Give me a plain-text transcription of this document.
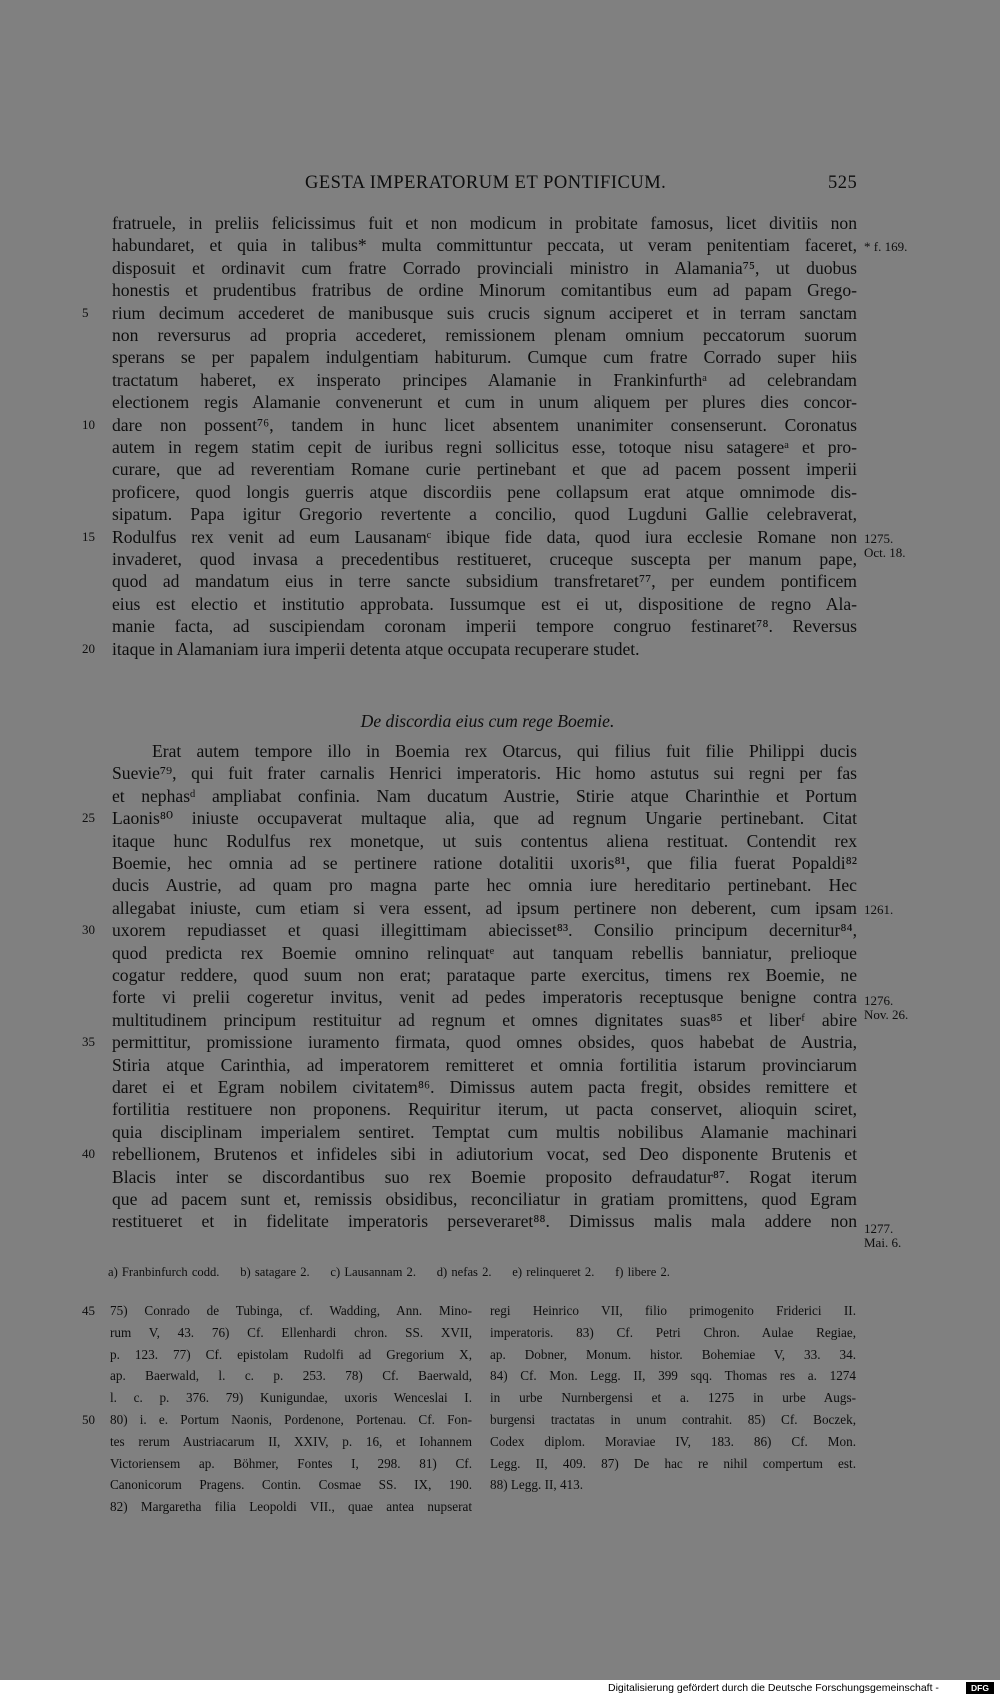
GESTA IMPERATORUM ET PONTIFICUM.	525
fratruele, in preliis felicissimus fuit et non modicum in probitate famosus, licet divitiis non
habundaret, et quia in talibus* multa committuntur peccata, ut veram penitentiam faceret,
disposuit et ordinavit cum fratre Corrado provinciali ministro in Alamania⁷⁵, ut duobus
honestis et prudentibus fratribus de ordine Minorum comitantibus eum ad papam Grego-
rium decimum accederet de manibusque suis crucis signum acciperet et in terram sanctam
non reversurus ad propria accederet, remissionem plenam omnium peccatorum suorum
sperans se per papalem indulgentiam habiturum. Cumque cum fratre Corrado super hiis
tractatum haberet, ex insperato principes Alamanie in Frankinfurthᵃ ad celebrandam
electionem regis Alamanie convenerunt et cum in unum aliquem per plures dies concor-
dare non possent⁷⁶, tandem in hunc licet absentem unanimiter consenserunt. Coronatus
autem in regem statim cepit de iuribus regni sollicitus esse, totoque nisu satagereᵃ et pro-
curare, que ad reverentiam Romane curie pertinebant et que ad pacem possent imperii
proficere, quod longis guerris atque discordiis pene collapsum erat atque omnimode dis-
sipatum. Papa igitur Gregorio revertente a concilio, quod Lugduni Gallie celebraverat,
Rodulfus rex venit ad eum Lausanamᶜ ibique fide data, quod iura ecclesie Romane non
invaderet, quod invasa a precedentibus restitueret, cruceque suscepta per manum pape,
quod ad mandatum eius in terre sancte subsidium transfretaret⁷⁷, per eundem pontificem
eius est electio et institutio approbata. Iussumque est ei ut, dispositione de regno Ala-
manie facta, ad suscipiendam coronam imperii tempore congruo festinaret⁷⁸. Reversus
itaque in Alamaniam iura imperii detenta atque occupata recuperare studet.
De discordia eius cum rege Boemie.
Erat autem tempore illo in Boemia rex Otarcus, qui filius fuit filie Philippi ducis
Suevie⁷⁹, qui fuit frater carnalis Henrici imperatoris. Hic homo astutus sui regni per fas
et nephasᵈ ampliabat confinia. Nam ducatum Austrie, Stirie atque Charinthie et Portum
Laonis⁸⁰ iniuste occupaverat multaque alia, que ad regnum Ungarie pertinebant. Citat
itaque hunc Rodulfus rex monetque, ut suis contentus aliena restituat. Contendit rex
Boemie, hec omnia ad se pertinere ratione dotalitii uxoris⁸¹, que filia fuerat Popaldi⁸²
ducis Austrie, ad quam pro magna parte hec omnia iure hereditario pertinebant. Hec
allegabat iniuste, cum etiam si vera essent, ad ipsum pertinere non deberent, cum ipsam
uxorem repudiasset et quasi illegittimam abiecisset⁸³. Consilio principum decernitur⁸⁴,
quod predicta rex Boemie omnino relinquatᵉ aut tanquam rebellis banniatur, prelioque
cogatur reddere, quod suum non erat; parataque parte exercitus, timens rex Boemie, ne
forte vi prelii cogeretur invitus, venit ad pedes imperatoris receptusque benigne contra
multitudinem principum restituitur ad regnum et omnes dignitates suas⁸⁵ et liberᶠ abire
permittitur, promissione iuramento firmata, quod omnes obsides, quos habebat de Austria,
Stiria atque Carinthia, ad imperatorem remitteret et omnia fortilitia istarum provinciarum
daret ei et Egram nobilem civitatem⁸⁶. Dimissus autem pacta fregit, obsides remittere et
fortilitia restituere non proponens. Requiritur iterum, ut pacta conservet, alioquin sciret,
quia disciplinam imperialem sentiret. Temptat cum multis nobilibus Alamanie machinari
rebellionem, Brutenos et infideles sibi in adiutorium vocat, sed Deo disponente Brutenis et
Blacis inter se discordantibus suo rex Boemie proposito defraudatur⁸⁷. Rogat iterum
que ad pacem sunt et, remissis obsidibus, reconciliatur in gratiam promittens, quod Egram
restitueret et in fidelitate imperatoris perseveraret⁸⁸. Dimissus malis mala addere non
5
10
15
20
25
30
35
40
* f. 169.
1275.
Oct. 18.
1261.
1276.
Nov. 26.
1277.
Mai. 6.
a) Franbinfurch codd.     b) satagare 2.     c) Lausannam 2.     d) nefas 2.     e) relinqueret 2.     f) libere 2.
45
50
75) Conrado de Tubinga, cf. Wadding, Ann. Mino-
rum V, 43. 76) Cf. Ellenhardi chron. SS. XVII,
p. 123. 77) Cf. epistolam Rudolfi ad Gregorium X,
ap. Baerwald, l. c. p. 253. 78) Cf. Baerwald,
l. c. p. 376. 79) Kunigundae, uxoris Wenceslai I.
80) i. e. Portum Naonis, Pordenone, Portenau. Cf. Fon-
tes rerum Austriacarum II, XXIV, p. 16, et Iohannem
Victoriensem ap. Böhmer, Fontes I, 298. 81) Cf.
Canonicorum Pragens. Contin. Cosmae SS. IX, 190.
82) Margaretha filia Leopoldi VII., quae antea nupserat
regi Heinrico VII, filio primogenito Friderici II.
imperatoris. 83) Cf. Petri Chron. Aulae Regiae,
ap. Dobner, Monum. histor. Bohemiae V, 33. 34.
84) Cf. Mon. Legg. II, 399 sqq. Thomas res a. 1274
in urbe Nurnbergensi et a. 1275 in urbe Augs-
burgensi tractatas in unum contrahit. 85) Cf. Boczek,
Codex diplom. Moraviae IV, 183. 86) Cf. Mon.
Legg. II, 409. 87) De hac re nihil compertum est.
88) Legg. II, 413.
Digitalisierung gefördert durch die Deutsche Forschungsgemeinschaft -	DFG
